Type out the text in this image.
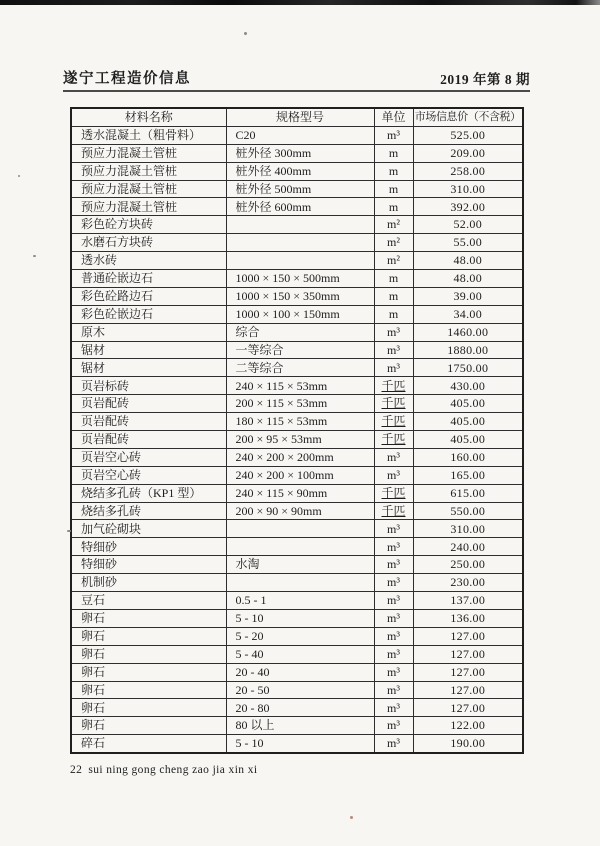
遂宁工程造价信息	2019 年第 8 期
材料名称	规格型号	单位	市场信息价（不含税）
透水混凝土（粗骨料）	C20	m³	525.00
预应力混凝土管桩	桩外径 300mm	m	209.00
预应力混凝土管桩	桩外径 400mm	m	258.00
预应力混凝土管桩	桩外径 500mm	m	310.00
预应力混凝土管桩	桩外径 600mm	m	392.00
彩色砼方块砖		m²	52.00
水磨石方块砖		m²	55.00
透水砖		m²	48.00
普通砼嵌边石	1000 × 150 × 500mm	m	48.00
彩色砼路边石	1000 × 150 × 350mm	m	39.00
彩色砼嵌边石	1000 × 100 × 150mm	m	34.00
原木	综合	m³	1460.00
锯材	一等综合	m³	1880.00
锯材	二等综合	m³	1750.00
页岩标砖	240 × 115 × 53mm	千匹	430.00
页岩配砖	200 × 115 × 53mm	千匹	405.00
页岩配砖	180 × 115 × 53mm	千匹	405.00
页岩配砖	200 × 95 × 53mm	千匹	405.00
页岩空心砖	240 × 200 × 200mm	m³	160.00
页岩空心砖	240 × 200 × 100mm	m³	165.00
烧结多孔砖（KP1 型）	240 × 115 × 90mm	千匹	615.00
烧结多孔砖	200 × 90 × 90mm	千匹	550.00
加气砼砌块		m³	310.00
特细砂		m³	240.00
特细砂	水淘	m³	250.00
机制砂		m³	230.00
豆石	0.5 - 1	m³	137.00
卵石	5 - 10	m³	136.00
卵石	5 - 20	m³	127.00
卵石	5 - 40	m³	127.00
卵石	20 - 40	m³	127.00
卵石	20 - 50	m³	127.00
卵石	20 - 80	m³	127.00
卵石	80 以上	m³	122.00
碎石	5 - 10	m³	190.00
22 sui ning gong cheng zao jia xin xi
